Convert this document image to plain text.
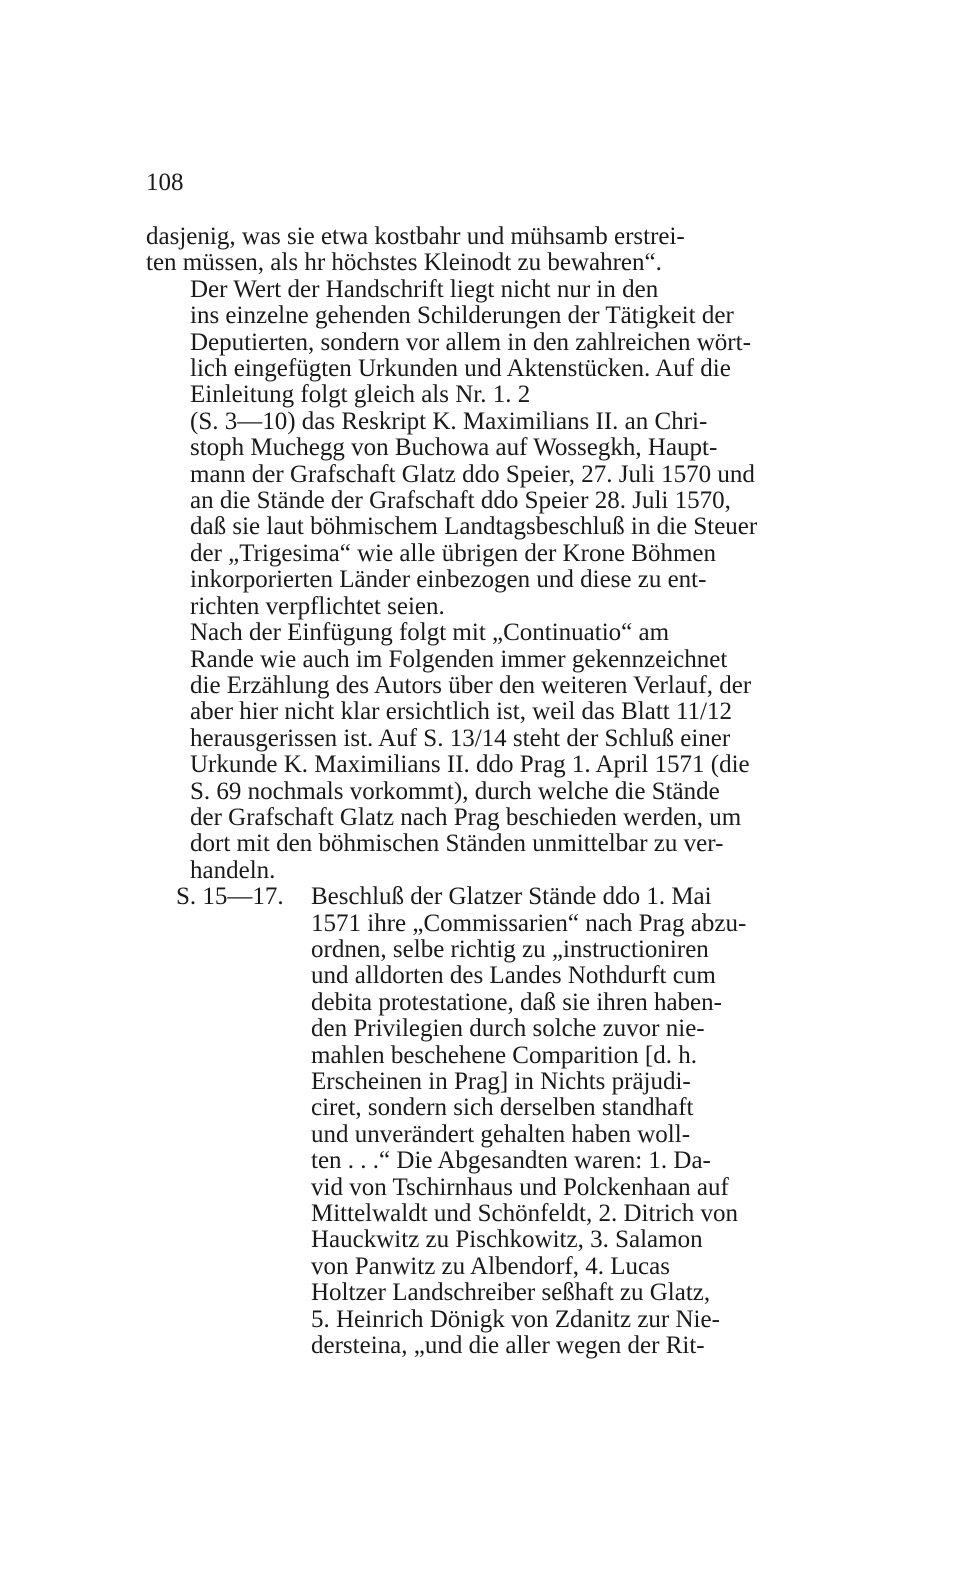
108

dasjenig, was sie etwa kostbahr und mühsamb erstrei-
ten müssen, als hr höchstes Kleinodt zu bewahren“.

Der Wert der Handschrift liegt nicht nur in den
ins einzelne gehenden Schilderungen der Tätigkeit der
Deputierten, sondern vor allem in den zahlreichen wört-
lich eingefügten Urkunden und Aktenstücken. Auf die
Einleitung folgt gleich als Nr. 1. 2

(S. 3—10) das Reskript K. Maximilians II. an Chri-
stoph Muchegg von Buchowa auf Wossegkh, Haupt-
mann der Grafschaft Glatz ddo Speier, 27. Juli 1570 und
an die Stände der Grafschaft ddo Speier 28. Juli 1570,
daß sie laut böhmischem Landtagsbeschluß in die Steuer
der „Trigesima“ wie alle übrigen der Krone Böhmen
inkorporierten Länder einbezogen und diese zu ent-
richten verpflichtet seien.

Nach der Einfügung folgt mit „Continuatio“ am
Rande wie auch im Folgenden immer gekennzeichnet
die Erzählung des Autors über den weiteren Verlauf, der
aber hier nicht klar ersichtlich ist, weil das Blatt 11/12
herausgerissen ist. Auf S. 13/14 steht der Schluß einer
Urkunde K. Maximilians II. ddo Prag 1. April 1571 (die
S. 69 nochmals vorkommt), durch welche die Stände
der Grafschaft Glatz nach Prag beschieden werden, um
dort mit den böhmischen Ständen unmittelbar zu ver-
handeln.

S. 15—17. Beschluß der Glatzer Stände ddo 1. Mai
1571 ihre „Commissarien“ nach Prag abzu-
ordnen, selbe richtig zu „instructioniren
und alldorten des Landes Nothdurft cum
debita protestatione, daß sie ihren haben-
den Privilegien durch solche zuvor nie-
mahlen beschehene Comparition [d. h.
Erscheinen in Prag] in Nichts präjudi-
ciret, sondern sich derselben standhaft
und unverändert gehalten haben woll-
ten . . .“ Die Abgesandten waren: 1. Da-
vid von Tschirnhaus und Polckenhaan auf
Mittelwaldt und Schönfeldt, 2. Ditrich von
Hauckwitz zu Pischkowitz, 3. Salamon
von Panwitz zu Albendorf, 4. Lucas
Holtzer Landschreiber seßhaft zu Glatz,
5. Heinrich Dönigk von Zdanitz zur Nie-
dersteina, „und die aller wegen der Rit-
